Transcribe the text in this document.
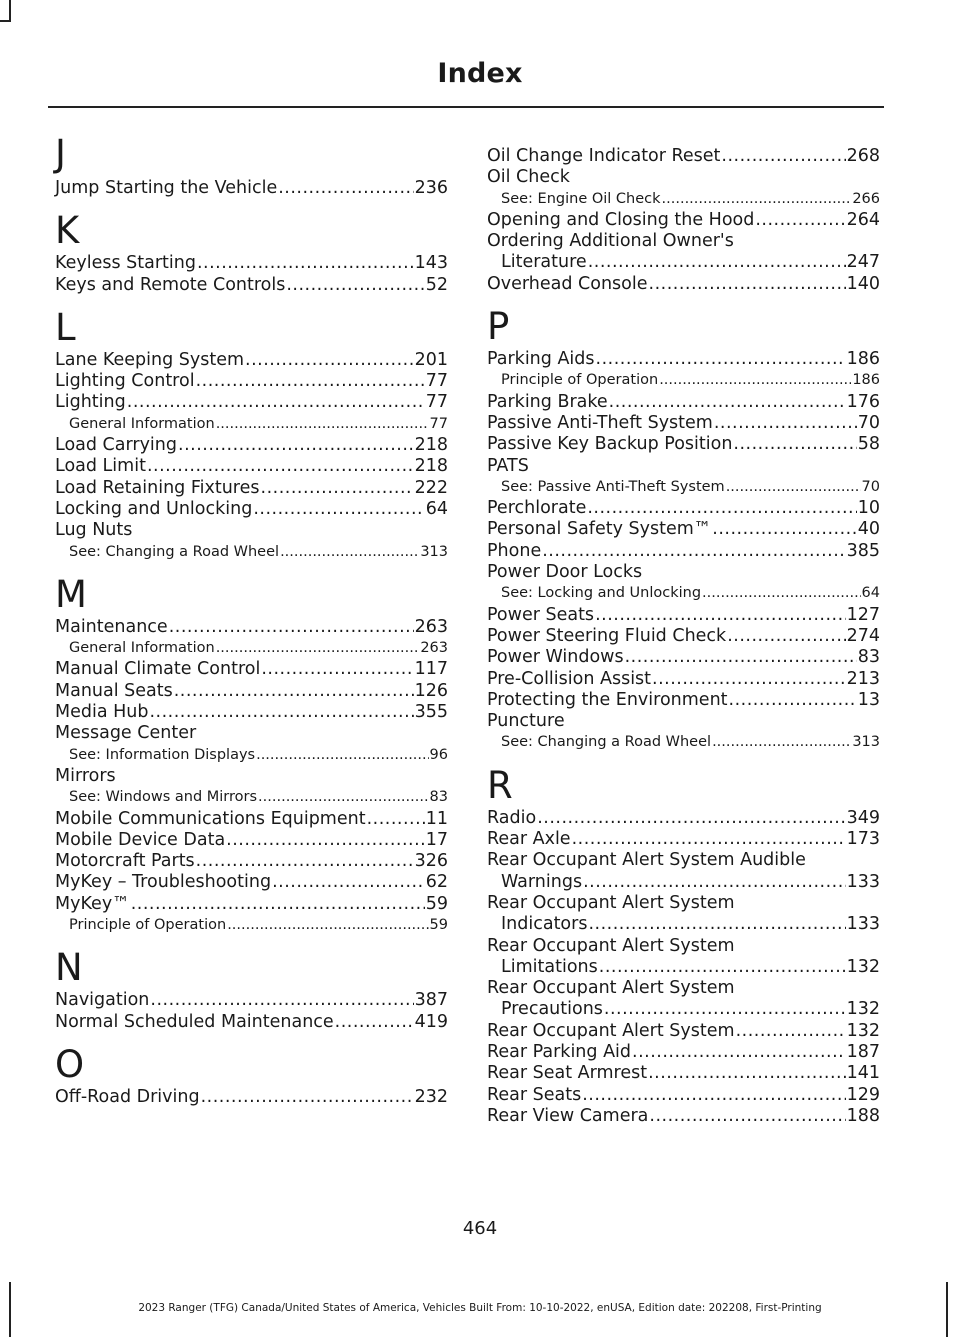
Index
J
Jump Starting the Vehicle .....	236
K
Keyless Starting .....	143
Keys and Remote Controls .....	52
L
Lane Keeping System .....	201
Lighting Control .....	77
Lighting .....	77
General Information .....	77
Load Carrying .....	218
Load Limit .....	218
Load Retaining Fixtures .....	222
Locking and Unlocking .....	64
Lug Nuts
See: Changing a Road Wheel .....	313
M
Maintenance .....	263
General Information .....	263
Manual Climate Control .....	117
Manual Seats .....	126
Media Hub .....	355
Message Center
See: Information Displays .....	96
Mirrors
See: Windows and Mirrors .....	83
Mobile Communications Equipment .....	11
Mobile Device Data .....	17
Motorcraft Parts .....	326
MyKey – Troubleshooting .....	62
MyKey™ .....	59
Principle of Operation .....	59
N
Navigation .....	387
Normal Scheduled Maintenance .....	419
O
Off-Road Driving .....	232
Oil Change Indicator Reset .....	268
Oil Check
See: Engine Oil Check .....	266
Opening and Closing the Hood .....	264
Ordering Additional Owner's
Literature .....	247
Overhead Console .....	140
P
Parking Aids .....	186
Principle of Operation .....	186
Parking Brake .....	176
Passive Anti-Theft System .....	70
Passive Key Backup Position .....	58
PATS
See: Passive Anti-Theft System .....	70
Perchlorate .....	10
Personal Safety System™ .....	40
Phone .....	385
Power Door Locks
See: Locking and Unlocking .....	64
Power Seats .....	127
Power Steering Fluid Check .....	274
Power Windows .....	83
Pre-Collision Assist .....	213
Protecting the Environment .....	13
Puncture
See: Changing a Road Wheel .....	313
R
Radio .....	349
Rear Axle .....	173
Rear Occupant Alert System Audible
Warnings .....	133
Rear Occupant Alert System
Indicators .....	133
Rear Occupant Alert System
Limitations .....	132
Rear Occupant Alert System
Precautions .....	132
Rear Occupant Alert System .....	132
Rear Parking Aid .....	187
Rear Seat Armrest .....	141
Rear Seats .....	129
Rear View Camera .....	188
464
2023 Ranger (TFG) Canada/United States of America, Vehicles Built From: 10-10-2022, enUSA, Edition date: 202208, First-Printing
